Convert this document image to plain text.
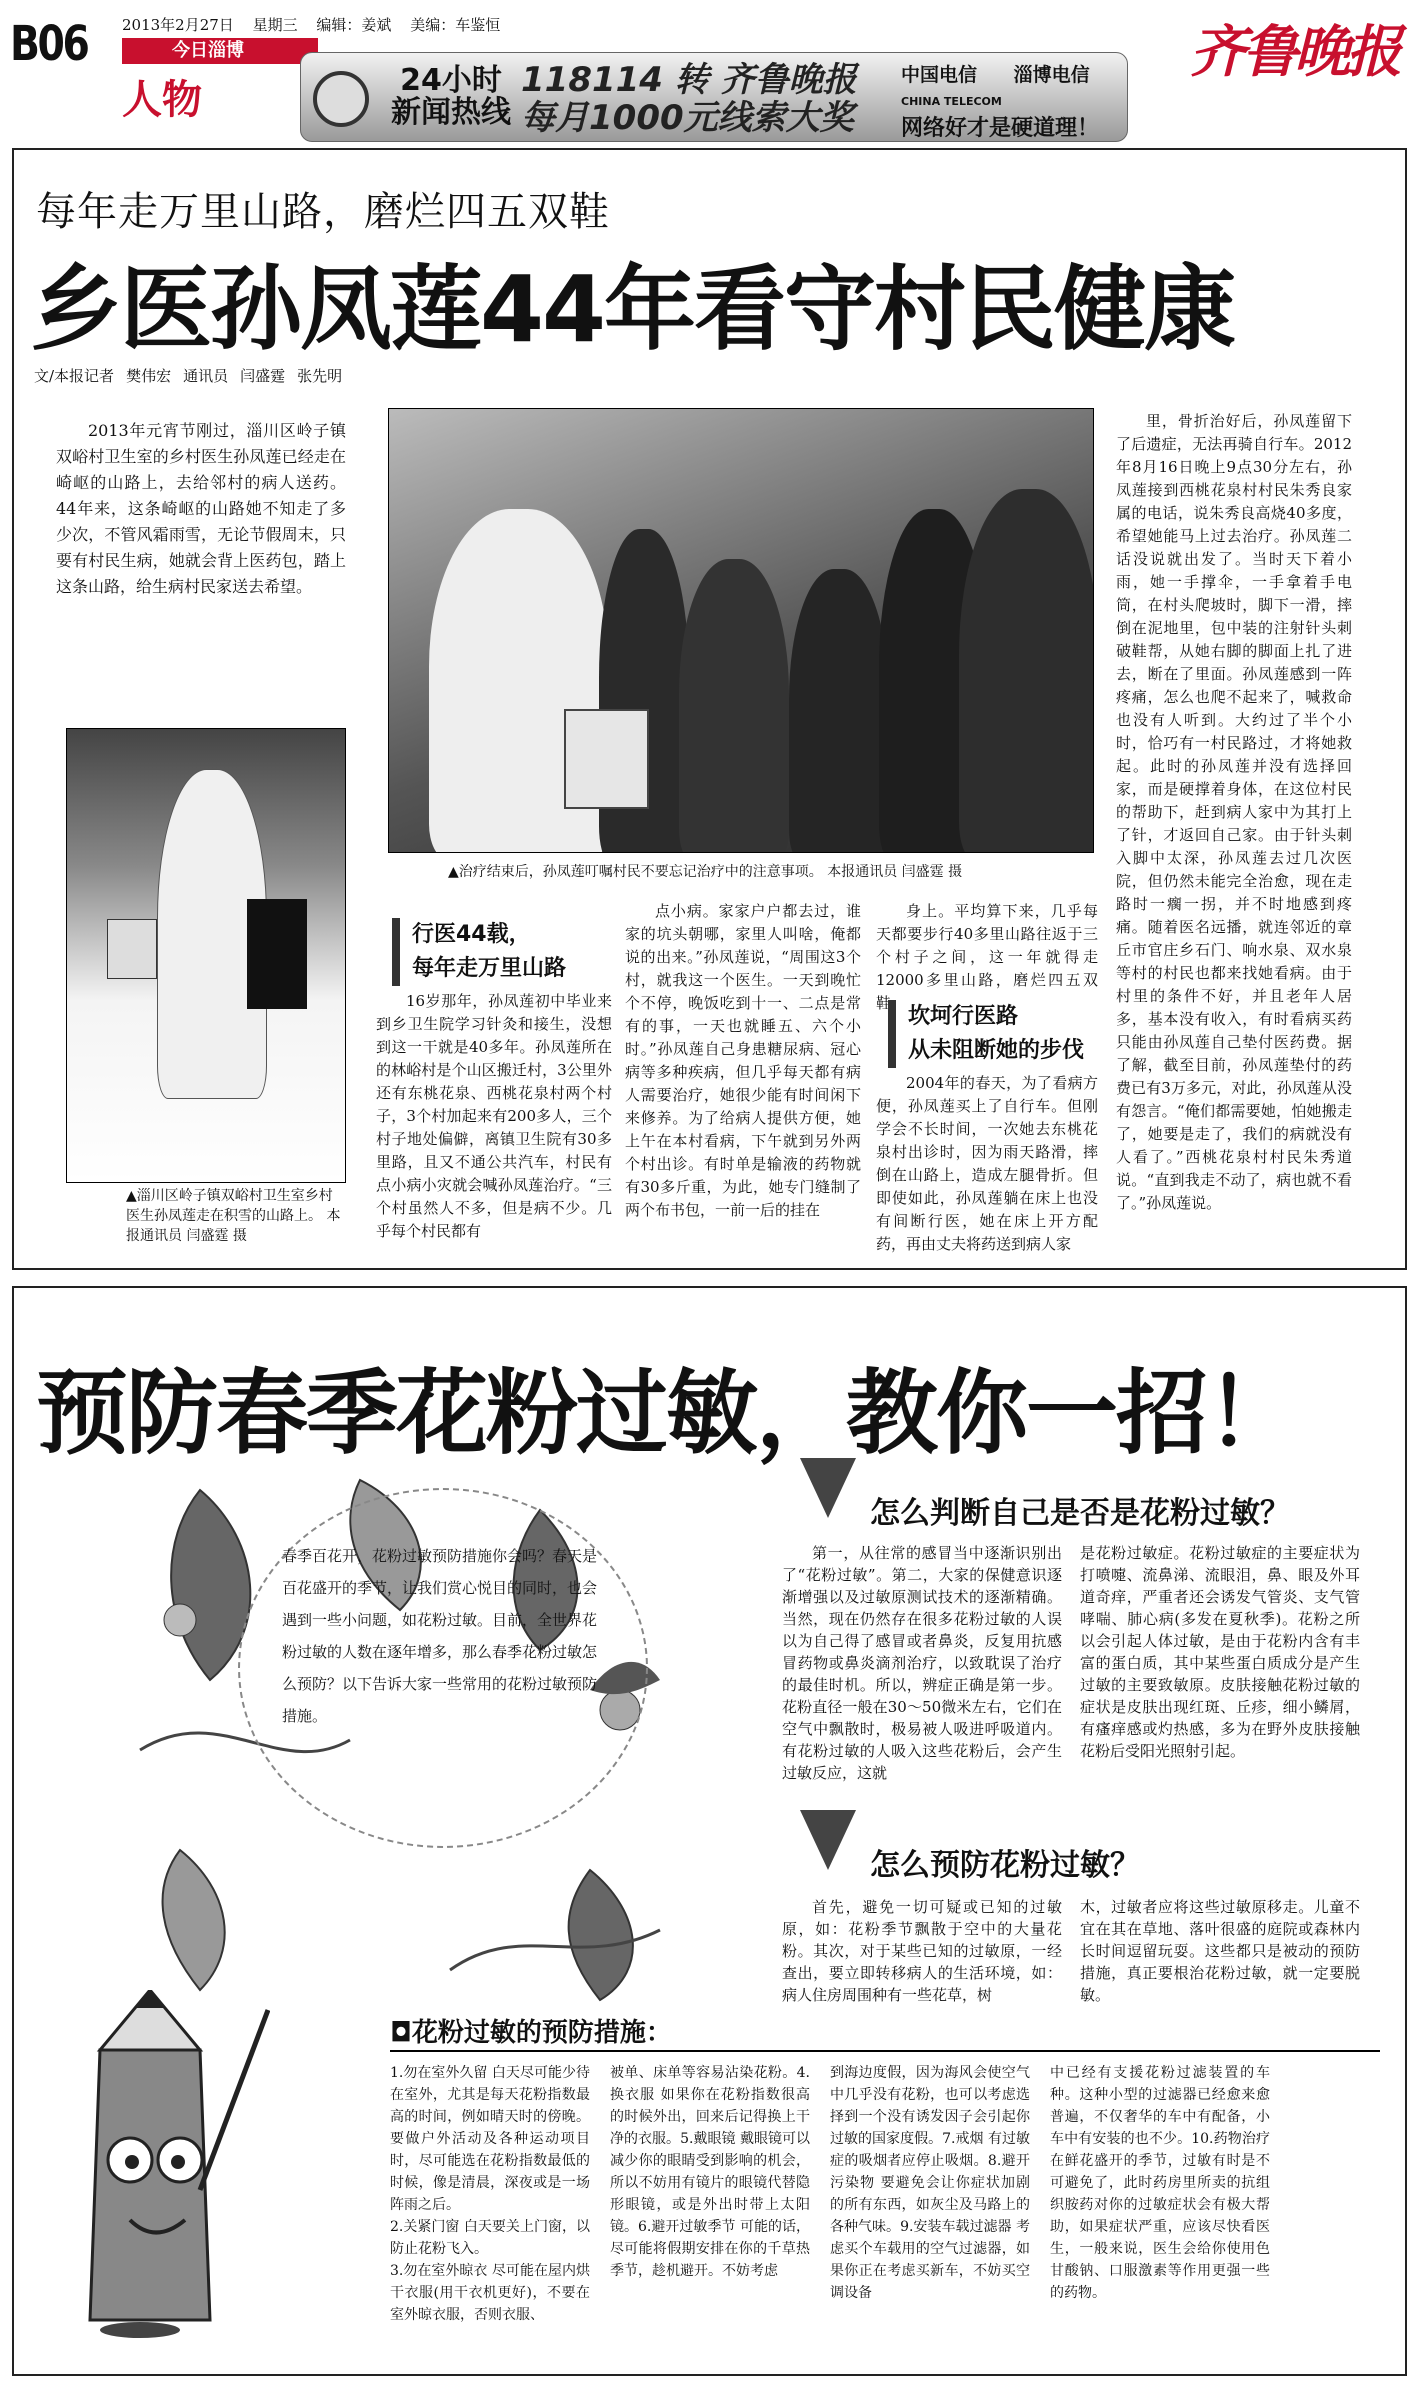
B06 2013年2月27日 星期三 编辑：姜斌 美编：车鉴恒
今日淄博
人物	24小时
新闻热线
118114 转 齐鲁晚报
每月1000元线索大奖
中国电信 淄博电信
CHINA TELECOM
网络好才是硬道理！
齐鲁晚报
每年走万里山路，磨烂四五双鞋
乡医孙凤莲44年看守村民健康
文/本报记者 樊伟宏 通讯员 闫盛霆 张先明
2013年元宵节刚过，淄川区岭子镇双峪村卫生室的乡村医生孙凤莲已经走在崎岖的山路上，去给邻村的病人送药。44年来，这条崎岖的山路她不知走了多少次，不管风霜雨雪，无论节假周末，只要有村民生病，她就会背上医药包，踏上这条山路，给生病村民家送去希望。
▲治疗结束后，孙凤莲叮嘱村民不要忘记治疗中的注意事项。 本报通讯员 闫盛霆 摄
▲淄川区岭子镇双峪村卫生室乡村医生孙凤莲走在积雪的山路上。 本报通讯员 闫盛霆 摄
行医44载，
每年走万里山路
16岁那年，孙凤莲初中毕业来到乡卫生院学习针灸和接生，没想到这一干就是40多年。孙凤莲所在的林峪村是个山区搬迁村，3公里外还有东桃花泉、西桃花泉村两个村子，3个村加起来有200多人，三个村子地处偏僻，离镇卫生院有30多里路，且又不通公共汽车，村民有点小病小灾就会喊孙凤莲治疗。“三个村虽然人不多，但是病不少。几乎每个村民都有
点小病。家家户户都去过，谁家的坑头朝哪，家里人叫啥，俺都说的出来。”孙凤莲说，“周围这3个村，就我这一个医生。一天到晚忙个不停，晚饭吃到十一、二点是常有的事，一天也就睡五、六个小时。”孙凤莲自己身患糖尿病、冠心病等多种疾病，但几乎每天都有病人需要治疗，她很少能有时间闲下来修养。为了给病人提供方便，她上午在本村看病，下午就到另外两个村出诊。有时单是输液的药物就有30多斤重，为此，她专门缝制了两个布书包，一前一后的挂在
身上。平均算下来，几乎每天都要步行40多里山路往返于三个村子之间，这一年就得走12000多里山路，磨烂四五双鞋。
坎坷行医路
从未阻断她的步伐
2004年的春天，为了看病方便，孙凤莲买上了自行车。但刚学会不长时间，一次她去东桃花泉村出诊时，因为雨天路滑，摔倒在山路上，造成左腿骨折。但即使如此，孙凤莲躺在床上也没有间断行医，她在床上开方配药，再由丈夫将药送到病人家
里，骨折治好后，孙凤莲留下了后遗症，无法再骑自行车。2012年8月16日晚上9点30分左右，孙凤莲接到西桃花泉村村民朱秀良家属的电话，说朱秀良高烧40多度，希望她能马上过去治疗。孙凤莲二话没说就出发了。当时天下着小雨，她一手撑伞，一手拿着手电筒，在村头爬坡时，脚下一滑，摔倒在泥地里，包中装的注射针头刺破鞋帮，从她右脚的脚面上扎了进去，断在了里面。孙凤莲感到一阵疼痛，怎么也爬不起来了，喊救命也没有人听到。大约过了半个小时，恰巧有一村民路过，才将她救起。此时的孙凤莲并没有选择回家，而是硬撑着身体，在这位村民的帮助下，赶到病人家中为其打上了针，才返回自己家。由于针头刺入脚中太深，孙凤莲去过几次医院，但仍然未能完全治愈，现在走路时一瘸一拐，并不时地感到疼痛。随着医名远播，就连邻近的章丘市官庄乡石门、响水泉、双水泉等村的村民也都来找她看病。由于村里的条件不好，并且老年人居多，基本没有收入，有时看病买药只能由孙凤莲自己垫付医药费。据了解，截至目前，孙凤莲垫付的药费已有3万多元，对此，孙凤莲从没有怨言。“俺们都需要她，怕她搬走了，她要是走了，我们的病就没有人看了。”西桃花泉村村民朱秀道说。“直到我走不动了，病也就不看了。”孙凤莲说。
预防春季花粉过敏，教你一招！
春季百花开，花粉过敏预防措施你会吗？春天是百花盛开的季节，让我们赏心悦目的同时，也会遇到一些小问题，如花粉过敏。目前，全世界花粉过敏的人数在逐年增多，那么春季花粉过敏怎么预防？以下告诉大家一些常用的花粉过敏预防措施。
怎么判断自己是否是花粉过敏？
第一，从往常的感冒当中逐渐识别出了“花粉过敏”。第二，大家的保健意识逐渐增强以及过敏原测试技术的逐渐精确。当然，现在仍然存在很多花粉过敏的人误以为自己得了感冒或者鼻炎，反复用抗感冒药物或鼻炎滴剂治疗，以致耽误了治疗的最佳时机。所以，辨症正确是第一步。花粉直径一般在30～50微米左右，它们在空气中飘散时，极易被人吸进呼吸道内。有花粉过敏的人吸入这些花粉后，会产生过敏反应，这就
是花粉过敏症。花粉过敏症的主要症状为打喷嚏、流鼻涕、流眼泪，鼻、眼及外耳道奇痒，严重者还会诱发气管炎、支气管哮喘、肺心病(多发在夏秋季)。花粉之所以会引起人体过敏，是由于花粉内含有丰富的蛋白质，其中某些蛋白质成分是产生过敏的主要致敏原。皮肤接触花粉过敏的症状是皮肤出现红斑、丘疹，细小鳞屑，有瘙痒感或灼热感，多为在野外皮肤接触花粉后受阳光照射引起。
怎么预防花粉过敏？
首先，避免一切可疑或已知的过敏原，如：花粉季节飘散于空中的大量花粉。其次，对于某些已知的过敏原，一经查出，要立即转移病人的生活环境，如：病人住房周围种有一些花草，树
木，过敏者应将这些过敏原移走。儿童不宜在其在草地、落叶很盛的庭院或森林内长时间逗留玩耍。这些都只是被动的预防措施，真正要根治花粉过敏，就一定要脱敏。
◘花粉过敏的预防措施：

1.勿在室外久留 白天尽可能少待在室外，尤其是每天花粉指数最高的时间，例如晴天时的傍晚。要做户外活动及各种运动项目时，尽可能选在花粉指数最低的时候，像是清晨，深夜或是一场阵雨之后。

2.关紧门窗 白天要关上门窗，以防止花粉飞入。

3.勿在室外晾衣 尽可能在屋内烘干衣服(用干衣机更好)，不要在室外晾衣服，否则衣服、

被单、床单等容易沾染花粉。4.换衣服 如果你在花粉指数很高的时候外出，回来后记得换上干净的衣服。5.戴眼镜 戴眼镜可以减少你的眼睛受到影响的机会，所以不妨用有镜片的眼镜代替隐形眼镜，或是外出时带上太阳镜。6.避开过敏季节 可能的话，尽可能将假期安排在你的千草热季节，趁机避开。不妨考虑
到海边度假，因为海风会使空气中几乎没有花粉，也可以考虑选择到一个没有诱发因子会引起你过敏的国家度假。7.戒烟 有过敏症的吸烟者应停止吸烟。8.避开污染物 要避免会让你症状加剧的所有东西，如灰尘及马路上的各种气味。9.安装车载过滤器 考虑买个车载用的空气过滤器，如果你正在考虑买新车，不妨买空调设备
中已经有支援花粉过滤装置的车种。这种小型的过滤器已经愈来愈普遍，不仅奢华的车中有配备，小车中有安装的也不少。10.药物治疗 在鲜花盛开的季节，过敏有时是不可避免了，此时药房里所卖的抗组织胺药对你的过敏症状会有极大帮助，如果症状严重，应该尽快看医生，一般来说，医生会给你使用色甘酸钠、口服激素等作用更强一些的药物。
